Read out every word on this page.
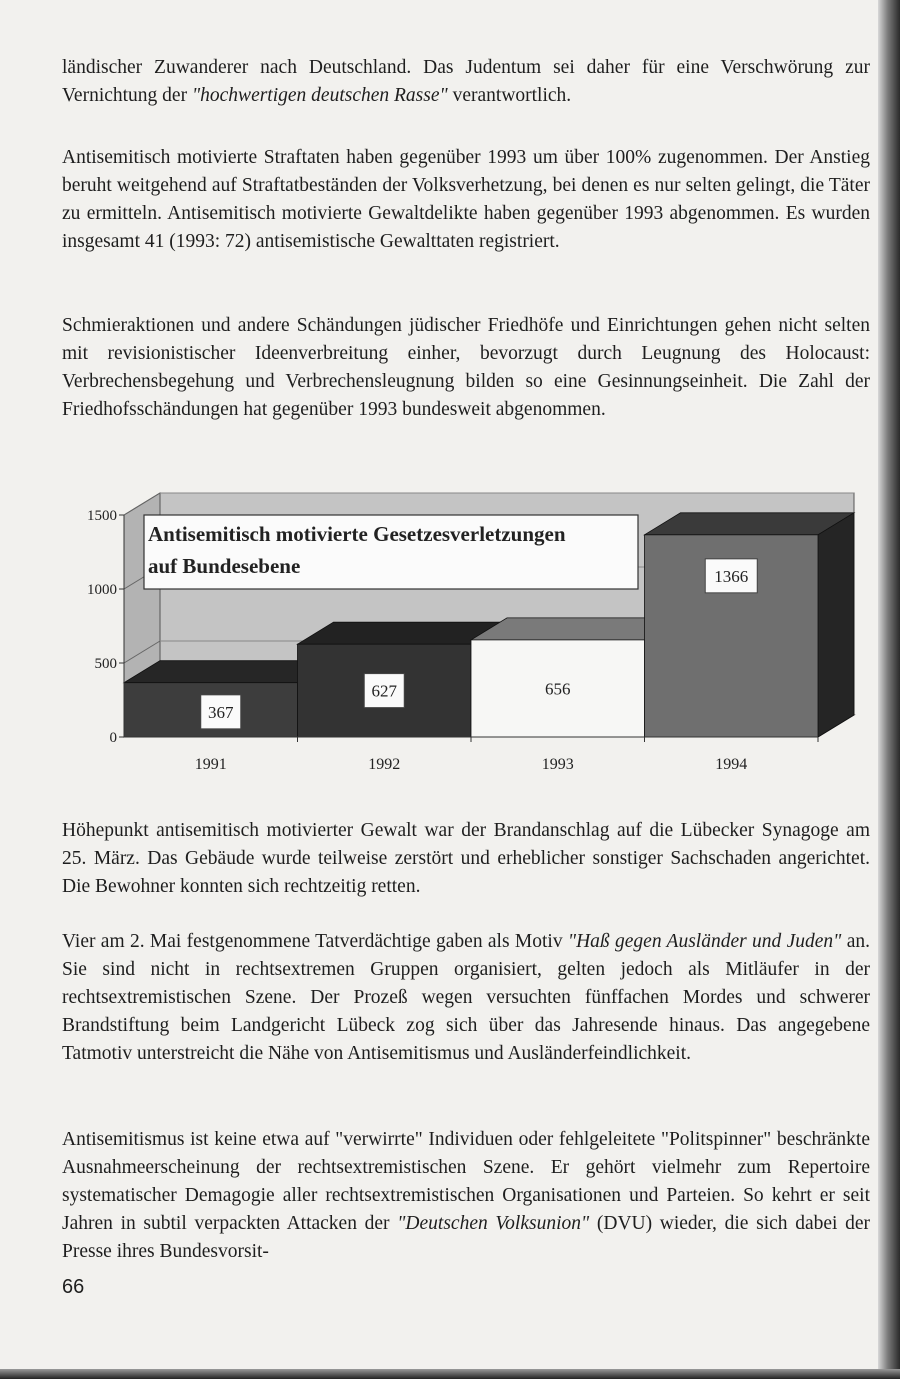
ländischer Zuwanderer nach Deutschland. Das Judentum sei daher für eine Verschwörung zur Vernichtung der "hochwertigen deutschen Rasse" verantwortlich.

Antisemitisch motivierte Straftaten haben gegenüber 1993 um über 100% zugenommen. Der Anstieg beruht weitgehend auf Straftatbeständen der Volksverhetzung, bei denen es nur selten gelingt, die Täter zu ermitteln. Antisemitisch motivierte Gewaltdelikte haben gegenüber 1993 abgenommen. Es wurden insgesamt 41 (1993: 72) antisemistische Gewalttaten registriert.

Schmieraktionen und andere Schändungen jüdischer Friedhöfe und Einrichtungen gehen nicht selten mit revisionistischer Ideenverbreitung einher, bevorzugt durch Leugnung des Holocaust: Verbrechensbegehung und Verbrechensleugnung bilden so eine Gesinnungseinheit. Die Zahl der Friedhofsschändungen hat gegenüber 1993 bundesweit abgenommen.

367
627	656
1366
0
500
1000
1500
1991	1992	1993	1994
Antisemitisch motivierte Gesetzesverletzungen
auf Bundesebene

Höhepunkt antisemitisch motivierter Gewalt war der Brandanschlag auf die Lübecker Synagoge am 25. März. Das Gebäude wurde teilweise zerstört und erheblicher sonstiger Sachschaden angerichtet. Die Bewohner konnten sich rechtzeitig retten.

Vier am 2. Mai festgenommene Tatverdächtige gaben als Motiv "Haß gegen Ausländer und Juden" an. Sie sind nicht in rechtsextremen Gruppen organisiert, gelten jedoch als Mitläufer in der rechtsextremistischen Szene. Der Prozeß wegen versuchten fünffachen Mordes und schwerer Brandstiftung beim Landgericht Lübeck zog sich über das Jahresende hinaus. Das angegebene Tatmotiv unterstreicht die Nähe von Antisemitismus und Ausländerfeindlichkeit.

Antisemitismus ist keine etwa auf "verwirrte" Individuen oder fehlgeleitete "Politspinner" beschränkte Ausnahmeerscheinung der rechtsextremistischen Szene. Er gehört vielmehr zum Repertoire systematischer Demagogie aller rechtsextremistischen Organisationen und Parteien. So kehrt er seit Jahren in subtil verpackten Attacken der "Deutschen Volksunion" (DVU) wieder, die sich dabei der Presse ihres Bundesvorsit-

66
